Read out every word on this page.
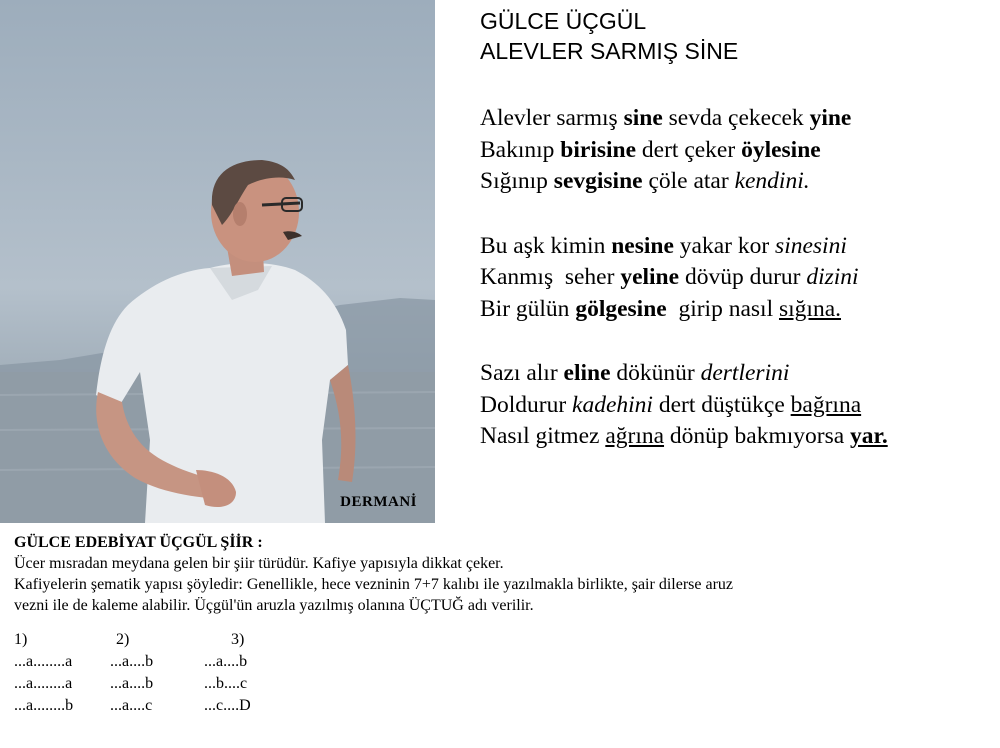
DERMANİ
GÜLCE ÜÇGÜL
ALEVLER SARMIŞ SİNE
Alevler sarmış sine sevda çekecek yine
Bakınıp birisine dert çeker öylesine
Sığınıp sevgisine çöle atar kendini.
Bu aşk kimin nesine yakar kor sinesini
Kanmış  seher yeline dövüp durur dizini
Bir gülün gölgesine  girip nasıl sığına.
Sazı alır eline dökünür dertlerini
Doldurur kadehini dert düştükçe bağrına
Nasıl gitmez ağrına dönüp bakmıyorsa yar.

GÜLCE EDEBİYAT ÜÇGÜL ŞİİR :

Ücer mısradan meydana gelen bir şiir türüdür. Kafiye yapısıyla dikkat çeker.

Kafiyelerin şematik yapısı şöyledir: Genellikle, hece vezninin 7+7 kalıbı ile yazılmakla birlikte, şair dilerse aruz

vezni ile de kaleme alabilir. Üçgül'ün aruzla yazılmış olanına ÜÇTUĞ adı verilir.

1)	2)	3)
...a........a ...a....b	...a....b
...a........a ...a....b	...b....c
...a........b ...a....c	...c....D
